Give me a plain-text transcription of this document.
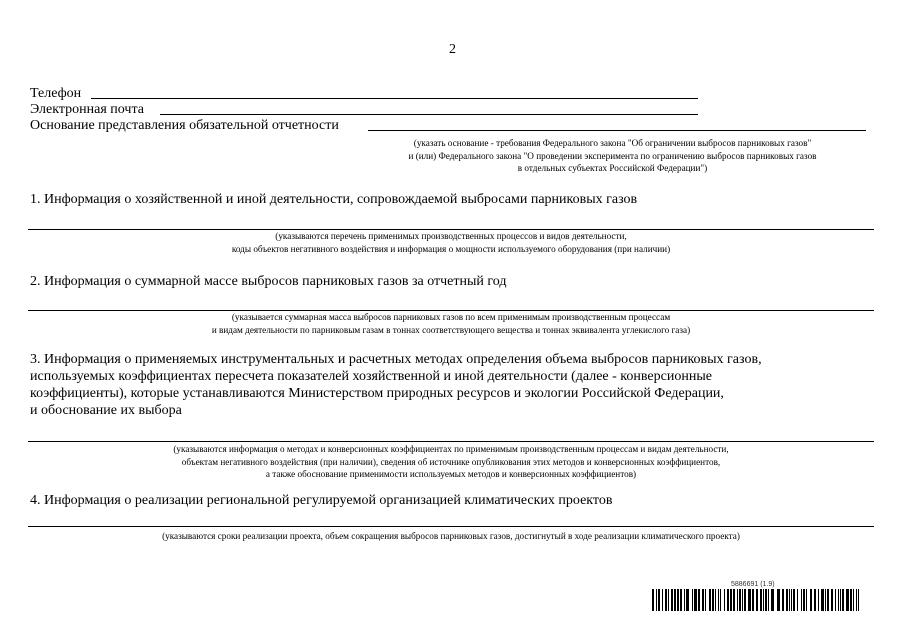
2
Телефон
Электронная почта
Основание представления обязательной отчетности
(указать основание - требования Федерального закона "Об ограничении выбросов парниковых газов"
и (или) Федерального закона "О проведении эксперимента по ограничению выбросов парниковых газов
в отдельных субъектах Российской Федерации")
1. Информация о хозяйственной и иной деятельности, сопровождаемой выбросами парниковых газов
(указываются перечень применимых производственных процессов и видов деятельности,
коды объектов негативного воздействия и информация о мощности используемого оборудования (при наличии)
2. Информация о суммарной массе выбросов парниковых газов за отчетный год
(указывается суммарная масса выбросов парниковых газов по всем применимым производственным процессам
и видам деятельности по парниковым газам в тоннах соответствующего вещества и тоннах эквивалента углекислого газа)
3. Информация о применяемых инструментальных и расчетных методах определения объема выбросов парниковых газов,
используемых коэффициентах пересчета показателей хозяйственной и иной деятельности (далее - конверсионные
коэффициенты), которые устанавливаются Министерством природных ресурсов и экологии Российской Федерации,
и обоснование их выбора
(указываются информация о методах и конверсионных коэффициентах по применимым производственным процессам и видам деятельности,
объектам негативного воздействия (при наличии), сведения об источнике опубликования этих методов и конверсионных коэффициентов,
а также обоснование применимости используемых методов и конверсионных коэффициентов)
4. Информация о реализации региональной регулируемой организацией климатических проектов
(указываются сроки реализации проекта, объем сокращения выбросов парниковых газов, достигнутый в ходе реализации климатического проекта)
5886691 (1.9)
